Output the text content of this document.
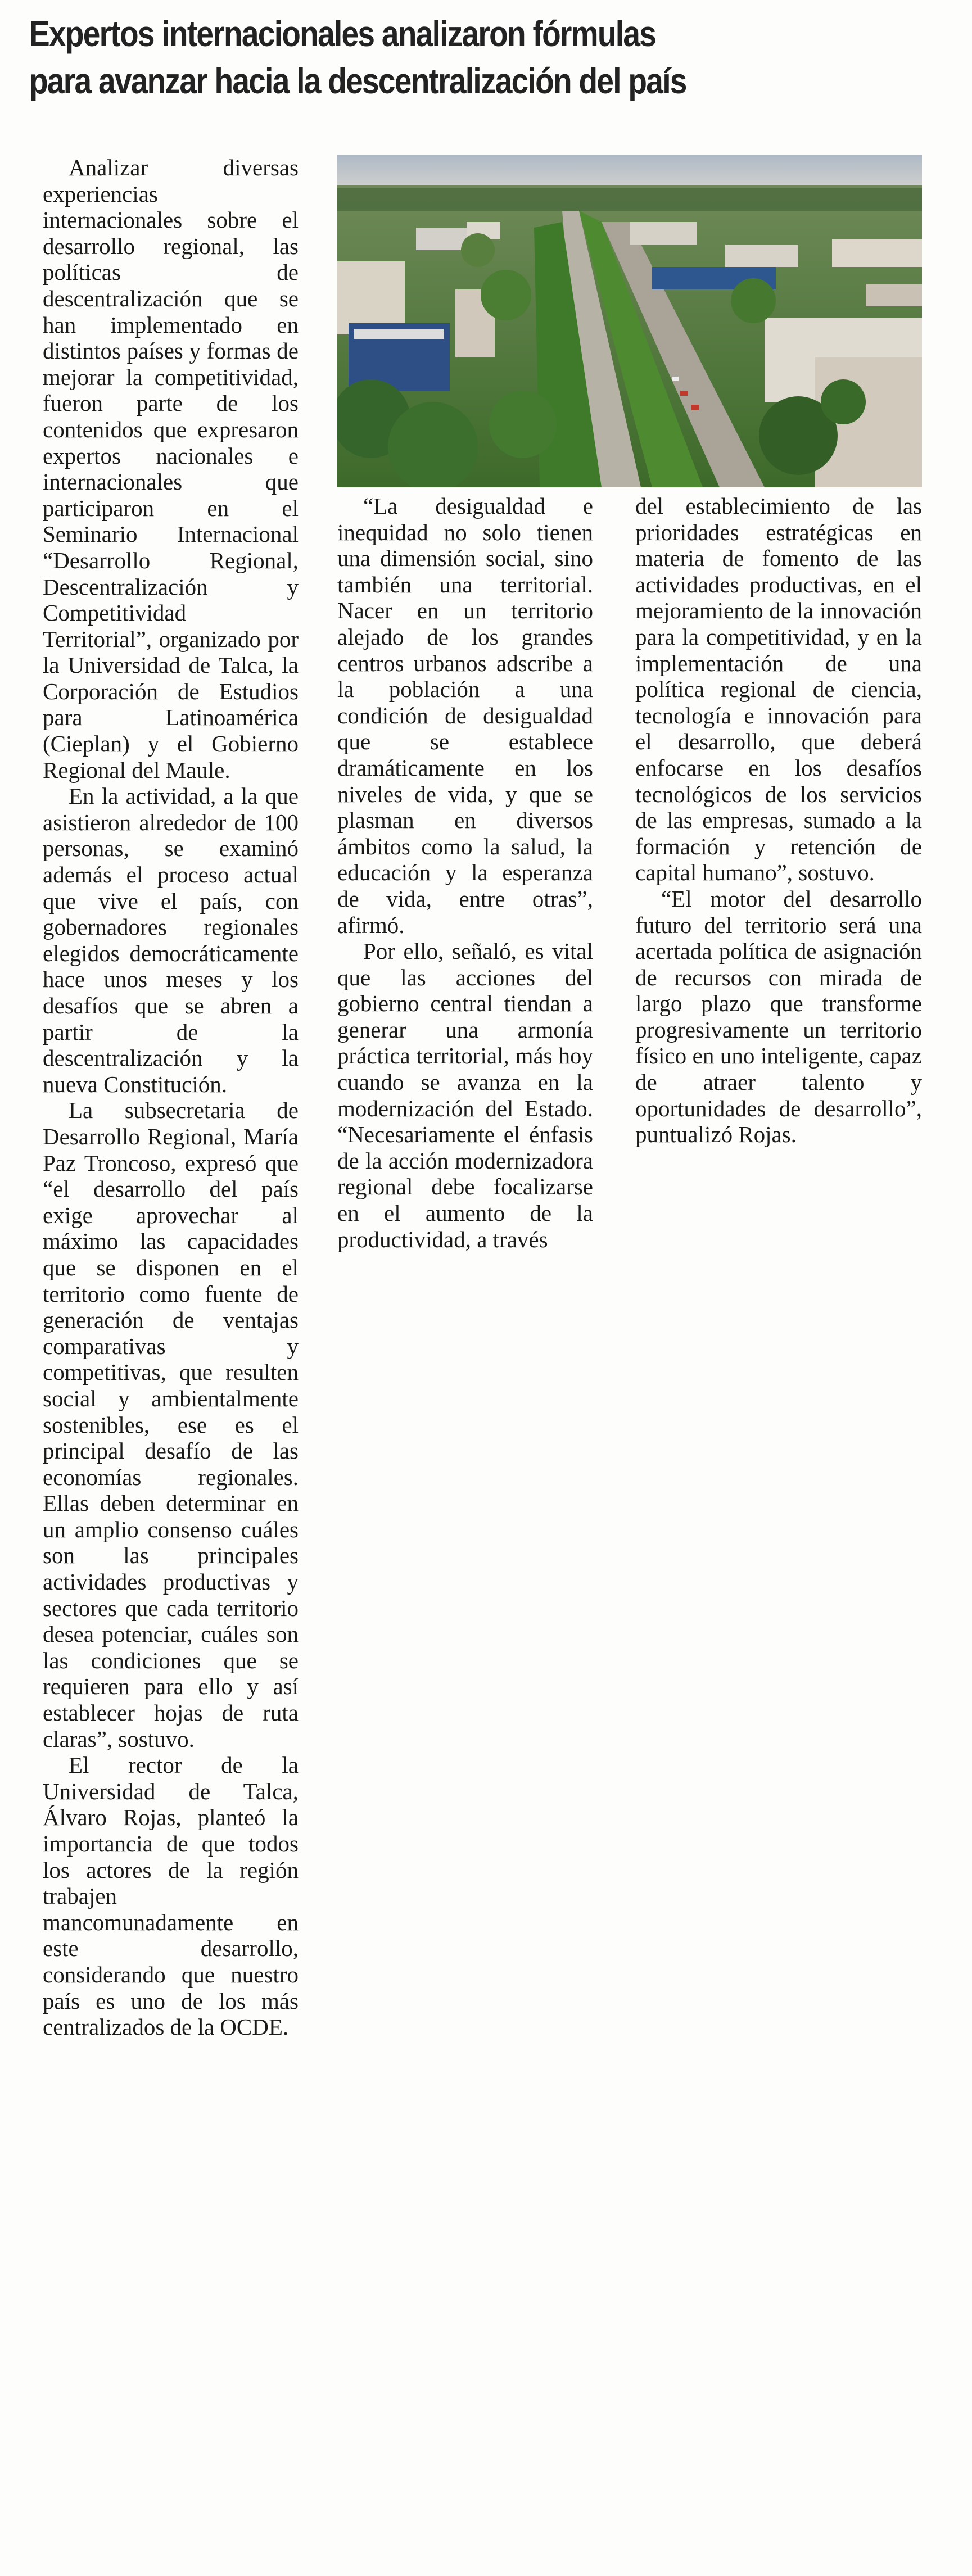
Expertos internacionales analizaron fórmulas
para avanzar hacia la descentralización del país

Analizar diversas experiencias internacionales sobre el desarrollo regional, las políticas de descentralización que se han implementado en distintos países y formas de mejorar la competitividad, fueron parte de los contenidos que expresaron expertos nacionales e internacionales que participaron en el Seminario Internacional “Desarrollo Regional, Descentralización y Competitividad Territorial”, organizado por la Universidad de Talca, la Corporación de Estudios para Latinoamérica (Cieplan) y el Gobierno Regional del Maule.

En la actividad, a la que asistieron alrededor de 100 personas, se examinó además el proceso actual que vive el país, con gobernadores regionales elegidos democráticamente hace unos meses y los desafíos que se abren a partir de la descentralización y la nueva Constitución.

La subsecretaria de Desarrollo Regional, María Paz Troncoso, expresó que “el desarrollo del país exige aprovechar al máximo las capacidades que se disponen en el territorio como fuente de generación de ventajas comparativas y competitivas, que resulten social y ambientalmente sostenibles, ese es el principal desafío de las economías regionales. Ellas deben determinar en un amplio consenso cuáles son las principales actividades productivas y sectores que cada territorio desea potenciar, cuáles son las condiciones que se requieren para ello y así establecer hojas de ruta claras”, sostuvo.

El rector de la Universidad de Talca, Álvaro Rojas, planteó la importancia de que todos los actores de la región trabajen mancomunadamente en este desarrollo, considerando que nuestro país es uno de los más centralizados de la OCDE.

“La desigualdad e inequidad no solo tienen una dimensión social, sino también una territorial. Nacer en un territorio alejado de los grandes centros urbanos adscribe a la población a una condición de desigualdad que se establece dramáticamente en los niveles de vida, y que se plasman en diversos ámbitos como la salud, la educación y la esperanza de vida, entre otras”, afirmó.

Por ello, señaló, es vital que las acciones del gobierno central tiendan a generar una armonía práctica territorial, más hoy cuando se avanza en la modernización del Estado. “Necesariamente el énfasis de la acción modernizadora regional debe focalizarse en el aumento de la productividad, a través

del establecimiento de las prioridades estratégicas en materia de fomento de las actividades productivas, en el mejoramiento de la innovación para la competitividad, y en la implementación de una política regional de ciencia, tecnología e innovación para el desarrollo, que deberá enfocarse en los desafíos tecnológicos de los servicios de las empresas, sumado a la formación y retención de capital humano”, sostuvo.

“El motor del desarrollo futuro del territorio será una acertada política de asignación de recursos con mirada de largo plazo que transforme progresivamente un territorio físico en uno inteligente, capaz de atraer talento y oportunidades de desarrollo”, puntualizó Rojas.
